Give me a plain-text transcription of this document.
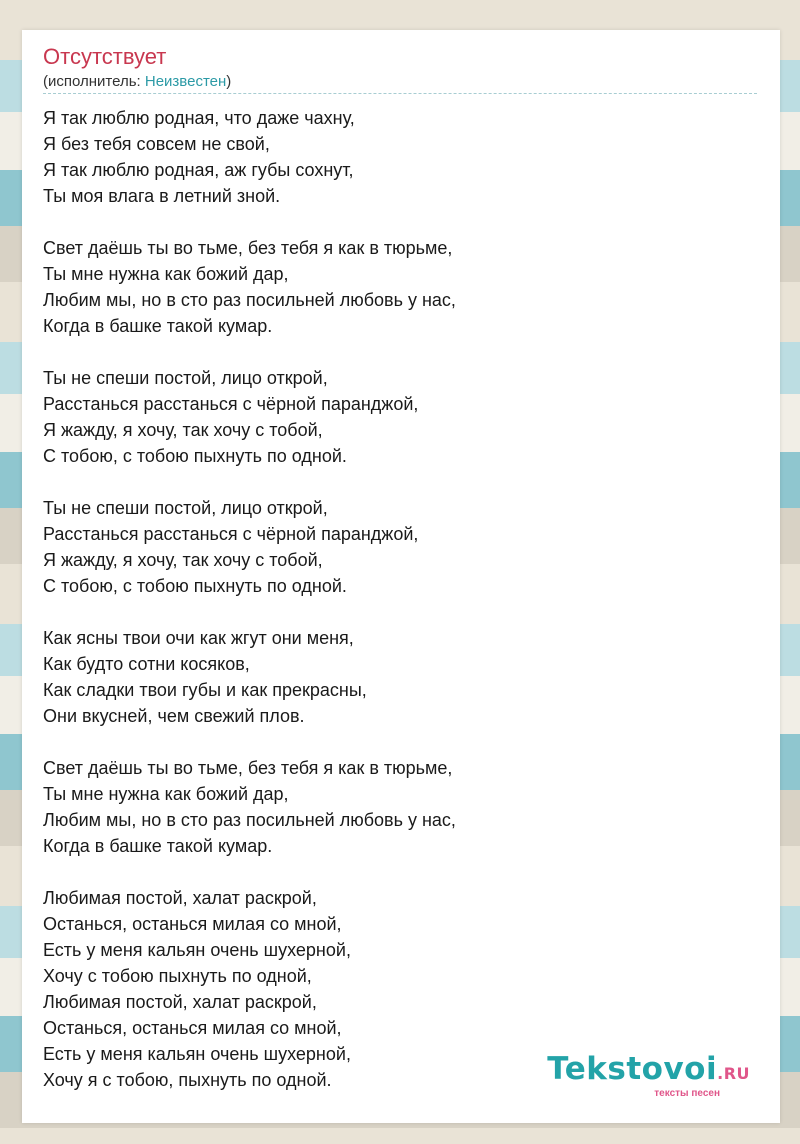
Отсутствует
(исполнитель: Неизвестен)
Я так люблю родная, что даже чахну,
Я без тебя совсем не свой,
Я так люблю родная, аж губы сохнут,
Ты моя влага в летний зной.
Свет даёшь ты во тьме, без тебя я как в тюрьме,
Ты мне нужна как божий дар,
Любим мы, но в сто раз посильней любовь у нас,
Когда в башке такой кумар.
Ты не спеши постой, лицо открой,
Расстанься расстанься с чёрной паранджой,
Я жажду, я хочу, так хочу с тобой,
С тобою, с тобою пыхнуть по одной.
Ты не спеши постой, лицо открой,
Расстанься расстанься с чёрной паранджой,
Я жажду, я хочу, так хочу с тобой,
С тобою, с тобою пыхнуть по одной.
Как ясны твои очи как жгут они меня,
Как будто сотни косяков,
Как сладки твои губы и как прекрасны,
Они вкусней, чем свежий плов.
Свет даёшь ты во тьме, без тебя я как в тюрьме,
Ты мне нужна как божий дар,
Любим мы, но в сто раз посильней любовь у нас,
Когда в башке такой кумар.
Любимая постой, халат раскрой,
Останься, останься милая со мной,
Есть у меня кальян очень шухерной,
Хочу с тобою пыхнуть по одной,
Любимая постой, халат раскрой,
Останься, останься милая со мной,
Есть у меня кальян очень шухерной,
Хочу я с тобою, пыхнуть по одной.	Tekstovoi.RU
тексты песен
